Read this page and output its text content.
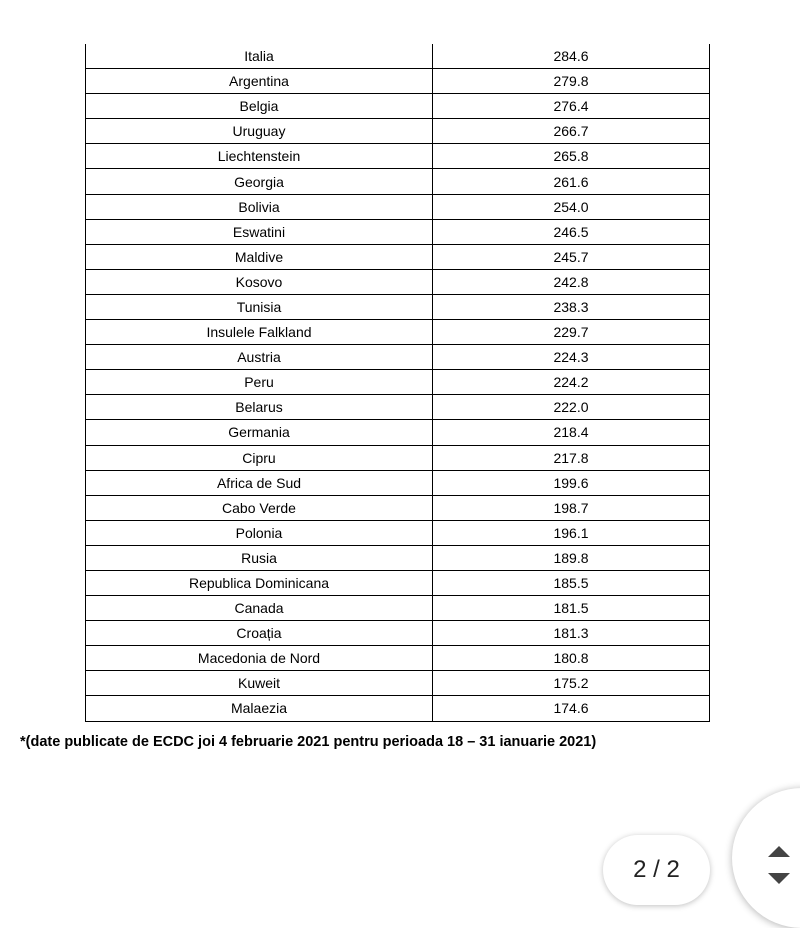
Italia	284.6
Argentina	279.8
Belgia	276.4
Uruguay	266.7
Liechtenstein	265.8
Georgia	261.6
Bolivia	254.0
Eswatini	246.5
Maldive	245.7
Kosovo	242.8
Tunisia	238.3
Insulele Falkland	229.7
Austria	224.3
Peru	224.2
Belarus	222.0
Germania	218.4
Cipru	217.8
Africa de Sud	199.6
Cabo Verde	198.7
Polonia	196.1
Rusia	189.8
Republica Dominicana	185.5
Canada	181.5
Croația	181.3
Macedonia de Nord	180.8
Kuweit	175.2
Malaezia	174.6
*(date publicate de ECDC joi 4 februarie 2021 pentru perioada 18 – 31 ianuarie 2021)
2 / 2
